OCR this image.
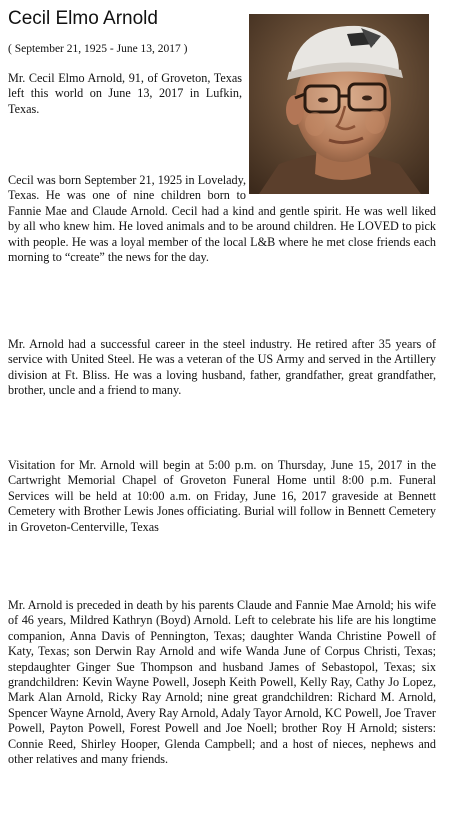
Cecil Elmo Arnold
( September 21, 1925 - June 13, 2017 )

Mr. Cecil Elmo Arnold, 91, of Groveton, Texas left this world on June 13, 2017 in Lufkin, Texas.

Cecil was born September 21, 1925 in Lovelady, Texas. He was one of nine children born to Fannie Mae and Claude Arnold. Cecil had a kind and gentle spirit. He was well liked by all who knew him. He loved animals and to be around children. He LOVED to pick with people. He was a loyal member of the local L&B where he met close friends each morning to “create” the news for the day.

Mr. Arnold had a successful career in the steel industry. He retired after 35 years of service with United Steel. He was a veteran of the US Army and served in the Artillery division at Ft. Bliss. He was a loving husband, father, grandfather, great grandfather, brother, uncle and a friend to many.

Visitation for Mr. Arnold will begin at 5:00 p.m. on Thursday, June 15, 2017 in the Cartwright Memorial Chapel of Groveton Funeral Home until 8:00 p.m. Funeral Services will be held at 10:00 a.m. on Friday, June 16, 2017 graveside at Bennett Cemetery with Brother Lewis Jones officiating. Burial will follow in Bennett Cemetery in Groveton-Centerville, Texas

Mr. Arnold is preceded in death by his parents Claude and Fannie Mae Arnold; his wife of 46 years, Mildred Kathryn (Boyd) Arnold. Left to celebrate his life are his longtime companion, Anna Davis of Pennington, Texas; daughter Wanda Christine Powell of Katy, Texas; son Derwin Ray Arnold and wife Wanda June of Corpus Christi, Texas; stepdaughter Ginger Sue Thompson and husband James of Sebastopol, Texas; six grandchildren: Kevin Wayne Powell, Joseph Keith Powell, Kelly Ray, Cathy Jo Lopez, Mark Alan Arnold, Ricky Ray Arnold; nine great grandchildren: Richard M. Arnold, Spencer Wayne Arnold, Avery Ray Arnold, Adaly Tayor Arnold, KC Powell, Joe Traver Powell, Payton Powell, Forest Powell and Joe Noell; brother Roy H Arnold; sisters: Connie Reed, Shirley Hooper, Glenda Campbell; and a host of nieces, nephews and other relatives and many friends.
